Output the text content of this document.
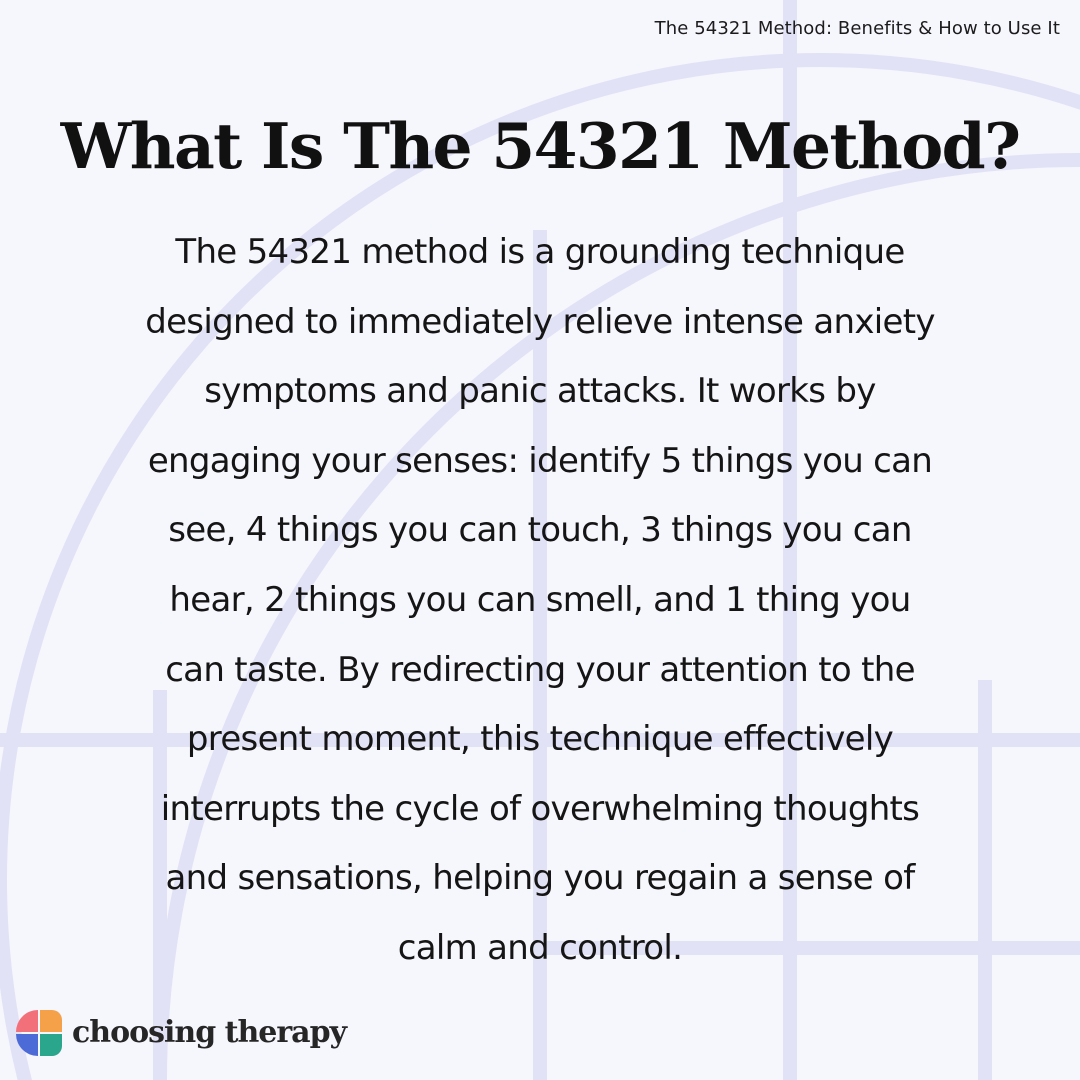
The 54321 Method: Benefits & How to Use It
What Is The 54321 Method?

The 54321 method is a grounding technique
designed to immediately relieve intense anxiety
symptoms and panic attacks. It works by
engaging your senses: identify 5 things you can
see, 4 things you can touch, 3 things you can
hear, 2 things you can smell, and 1 thing you
can taste. By redirecting your attention to the
present moment, this technique effectively
interrupts the cycle of overwhelming thoughts
and sensations, helping you regain a sense of
calm and control.

choosing therapy
